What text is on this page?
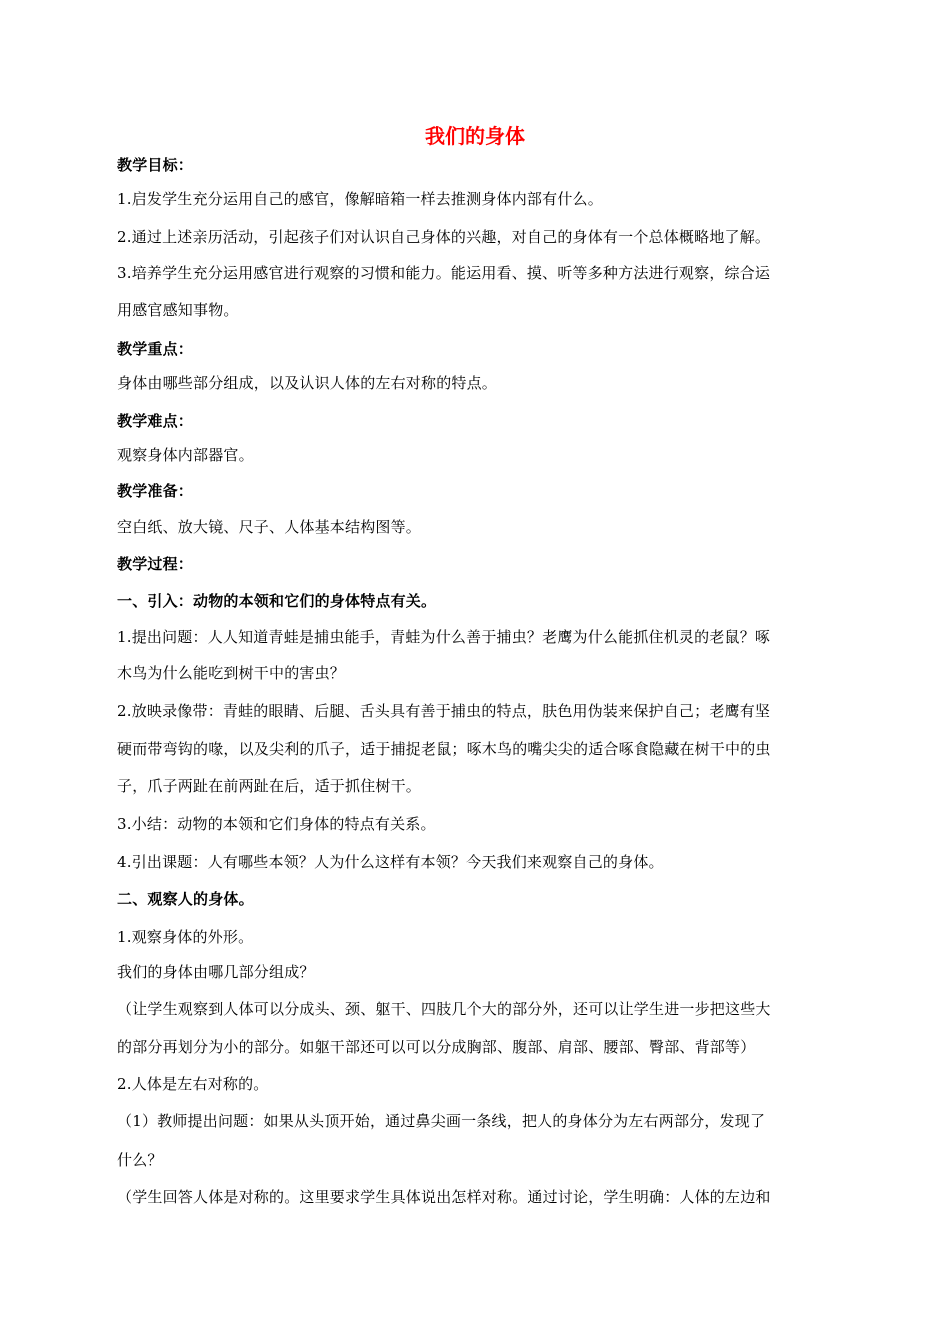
我们的身体
教学目标：
1.启发学生充分运用自己的感官，像解暗箱一样去推测身体内部有什么。
2.通过上述亲历活动，引起孩子们对认识自己身体的兴趣，对自己的身体有一个总体概略地了解。
3.培养学生充分运用感官进行观察的习惯和能力。能运用看、摸、听等多种方法进行观察，综合运
用感官感知事物。
教学重点：
身体由哪些部分组成，以及认识人体的左右对称的特点。
教学难点：
观察身体内部器官。
教学准备：
空白纸、放大镜、尺子、人体基本结构图等。
教学过程：
一、引入：动物的本领和它们的身体特点有关。
1.提出问题：人人知道青蛙是捕虫能手，青蛙为什么善于捕虫？老鹰为什么能抓住机灵的老鼠？啄
木鸟为什么能吃到树干中的害虫？
2.放映录像带：青蛙的眼睛、后腿、舌头具有善于捕虫的特点，肤色用伪装来保护自己；老鹰有坚
硬而带弯钩的喙，以及尖利的爪子，适于捕捉老鼠；啄木鸟的嘴尖尖的适合啄食隐藏在树干中的虫
子，爪子两趾在前两趾在后，适于抓住树干。
3.小结：动物的本领和它们身体的特点有关系。
4.引出课题：人有哪些本领？人为什么这样有本领？今天我们来观察自己的身体。
二、观察人的身体。
1.观察身体的外形。
我们的身体由哪几部分组成？
（让学生观察到人体可以分成头、颈、躯干、四肢几个大的部分外，还可以让学生进一步把这些大
的部分再划分为小的部分。如躯干部还可以可以分成胸部、腹部、肩部、腰部、臀部、背部等）
2.人体是左右对称的。
（1）教师提出问题：如果从头顶开始，通过鼻尖画一条线，把人的身体分为左右两部分，发现了
什么？
（学生回答人体是对称的。这里要求学生具体说出怎样对称。通过讨论，学生明确：人体的左边和
